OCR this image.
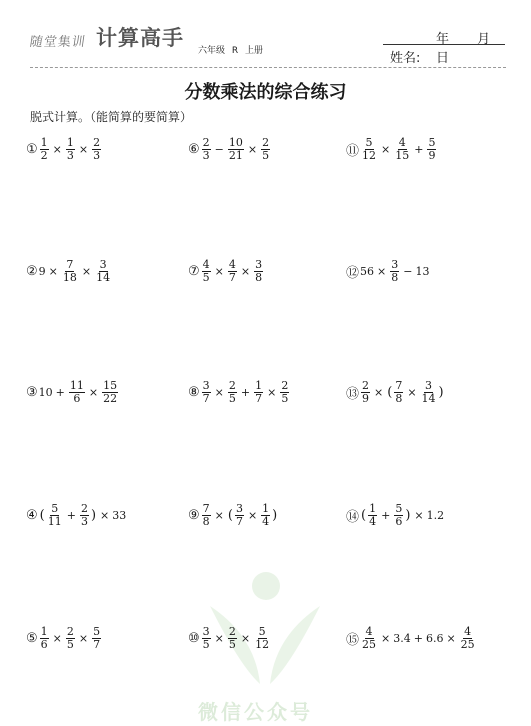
随堂集训 计算高手
六年级 R 上册
年 月 日
姓名:
分数乘法的综合练习
脱式计算。（能简算的要简算）
微信公众号
① $\frac{1}{2} \times \frac{1}{3} \times \frac{2}{3}$
② $9 \times \frac{7}{18} \times \frac{3}{14}$
③ $10 + \frac{11}{6} \times \frac{15}{22}$
④ ( $\frac{5}{11} + \frac{2}{3}$ ) × 33
⑤ $\frac{1}{6} \times \frac{2}{5} \times \frac{5}{7}$
⑥ $\frac{2}{3} - \frac{10}{21} \times \frac{2}{5}$
⑦ $\frac{4}{5} \times \frac{4}{7} \times \frac{3}{8}$
⑧ $\frac{3}{7} \times \frac{2}{5} + \frac{1}{7} \times \frac{2}{5}$
⑨ $\frac{7}{8}$ × ( $\frac{3}{7} \times \frac{1}{4}$ )
⑩ $\frac{3}{5} \times \frac{2}{5} \times \frac{5}{12}$
⑪ $\frac{5}{12} \times \frac{4}{15} + \frac{5}{9}$
⑫ $56 \times \frac{3}{8} - 13$
⑬ $\frac{2}{9}$ × ( $\frac{7}{8} \times \frac{3}{14}$ )
⑭ ( $\frac{1}{4} + \frac{5}{6}$ ) × 1.2
⑮ $\frac{4}{25} \times 3.4 + 6.6 \times \frac{4}{25}$
